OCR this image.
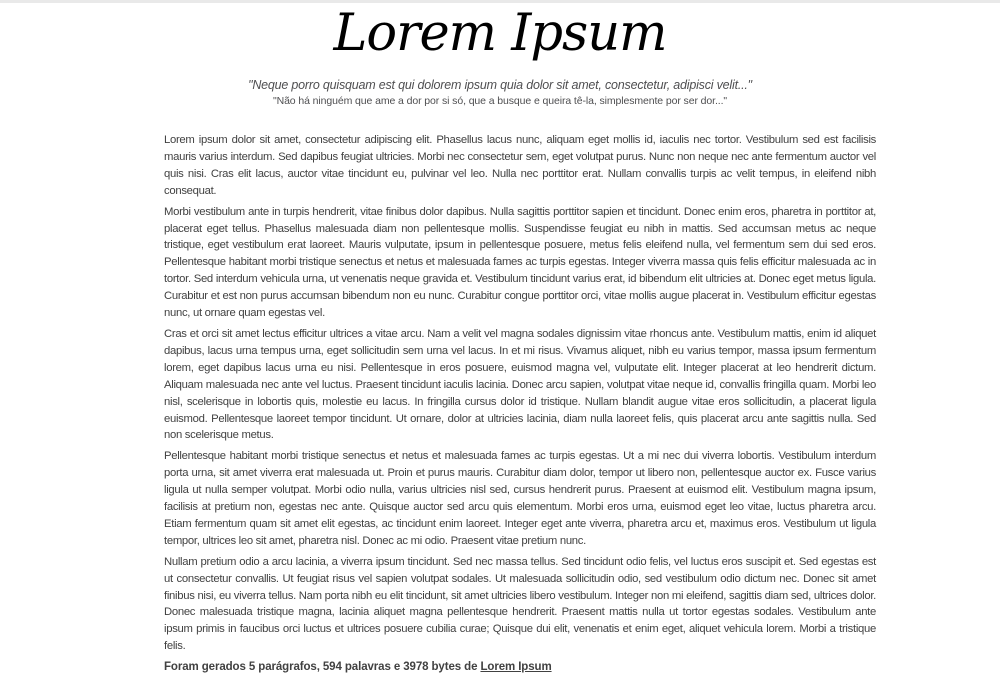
Lorem Ipsum

"Neque porro quisquam est qui dolorem ipsum quia dolor sit amet, consectetur, adipisci velit..."

"Não há ninguém que ame a dor por si só, que a busque e queira tê-la, simplesmente por ser dor..."

Lorem ipsum dolor sit amet, consectetur adipiscing elit. Phasellus lacus nunc, aliquam eget mollis id, iaculis nec tortor. Vestibulum sed est facilisis mauris varius interdum. Sed dapibus feugiat ultricies. Morbi nec consectetur sem, eget volutpat purus. Nunc non neque nec ante fermentum auctor vel quis nisi. Cras elit lacus, auctor vitae tincidunt eu, pulvinar vel leo. Nulla nec porttitor erat. Nullam convallis turpis ac velit tempus, in eleifend nibh consequat.

Morbi vestibulum ante in turpis hendrerit, vitae finibus dolor dapibus. Nulla sagittis porttitor sapien et tincidunt. Donec enim eros, pharetra in porttitor at, placerat eget tellus. Phasellus malesuada diam non pellentesque mollis. Suspendisse feugiat eu nibh in mattis. Sed accumsan metus ac neque tristique, eget vestibulum erat laoreet. Mauris vulputate, ipsum in pellentesque posuere, metus felis eleifend nulla, vel fermentum sem dui sed eros. Pellentesque habitant morbi tristique senectus et netus et malesuada fames ac turpis egestas. Integer viverra massa quis felis efficitur malesuada ac in tortor. Sed interdum vehicula urna, ut venenatis neque gravida et. Vestibulum tincidunt varius erat, id bibendum elit ultricies at. Donec eget metus ligula. Curabitur et est non purus accumsan bibendum non eu nunc. Curabitur congue porttitor orci, vitae mollis augue placerat in. Vestibulum efficitur egestas nunc, ut ornare quam egestas vel.

Cras et orci sit amet lectus efficitur ultrices a vitae arcu. Nam a velit vel magna sodales dignissim vitae rhoncus ante. Vestibulum mattis, enim id aliquet dapibus, lacus urna tempus urna, eget sollicitudin sem urna vel lacus. In et mi risus. Vivamus aliquet, nibh eu varius tempor, massa ipsum fermentum lorem, eget dapibus lacus urna eu nisi. Pellentesque in eros posuere, euismod magna vel, vulputate elit. Integer placerat at leo hendrerit dictum. Aliquam malesuada nec ante vel luctus. Praesent tincidunt iaculis lacinia. Donec arcu sapien, volutpat vitae neque id, convallis fringilla quam. Morbi leo nisl, scelerisque in lobortis quis, molestie eu lacus. In fringilla cursus dolor id tristique. Nullam blandit augue vitae eros sollicitudin, a placerat ligula euismod. Pellentesque laoreet tempor tincidunt. Ut ornare, dolor at ultricies lacinia, diam nulla laoreet felis, quis placerat arcu ante sagittis nulla. Sed non scelerisque metus.

Pellentesque habitant morbi tristique senectus et netus et malesuada fames ac turpis egestas. Ut a mi nec dui viverra lobortis. Vestibulum interdum porta urna, sit amet viverra erat malesuada ut. Proin et purus mauris. Curabitur diam dolor, tempor ut libero non, pellentesque auctor ex. Fusce varius ligula ut nulla semper volutpat. Morbi odio nulla, varius ultricies nisl sed, cursus hendrerit purus. Praesent at euismod elit. Vestibulum magna ipsum, facilisis at pretium non, egestas nec ante. Quisque auctor sed arcu quis elementum. Morbi eros urna, euismod eget leo vitae, luctus pharetra arcu. Etiam fermentum quam sit amet elit egestas, ac tincidunt enim laoreet. Integer eget ante viverra, pharetra arcu et, maximus eros. Vestibulum ut ligula tempor, ultrices leo sit amet, pharetra nisl. Donec ac mi odio. Praesent vitae pretium nunc.

Nullam pretium odio a arcu lacinia, a viverra ipsum tincidunt. Sed nec massa tellus. Sed tincidunt odio felis, vel luctus eros suscipit et. Sed egestas est ut consectetur convallis. Ut feugiat risus vel sapien volutpat sodales. Ut malesuada sollicitudin odio, sed vestibulum odio dictum nec. Donec sit amet finibus nisi, eu viverra tellus. Nam porta nibh eu elit tincidunt, sit amet ultricies libero vestibulum. Integer non mi eleifend, sagittis diam sed, ultrices dolor. Donec malesuada tristique magna, lacinia aliquet magna pellentesque hendrerit. Praesent mattis nulla ut tortor egestas sodales. Vestibulum ante ipsum primis in faucibus orci luctus et ultrices posuere cubilia curae; Quisque dui elit, venenatis et enim eget, aliquet vehicula lorem. Morbi a tristique felis.

Foram gerados 5 parágrafos, 594 palavras e 3978 bytes de Lorem Ipsum
